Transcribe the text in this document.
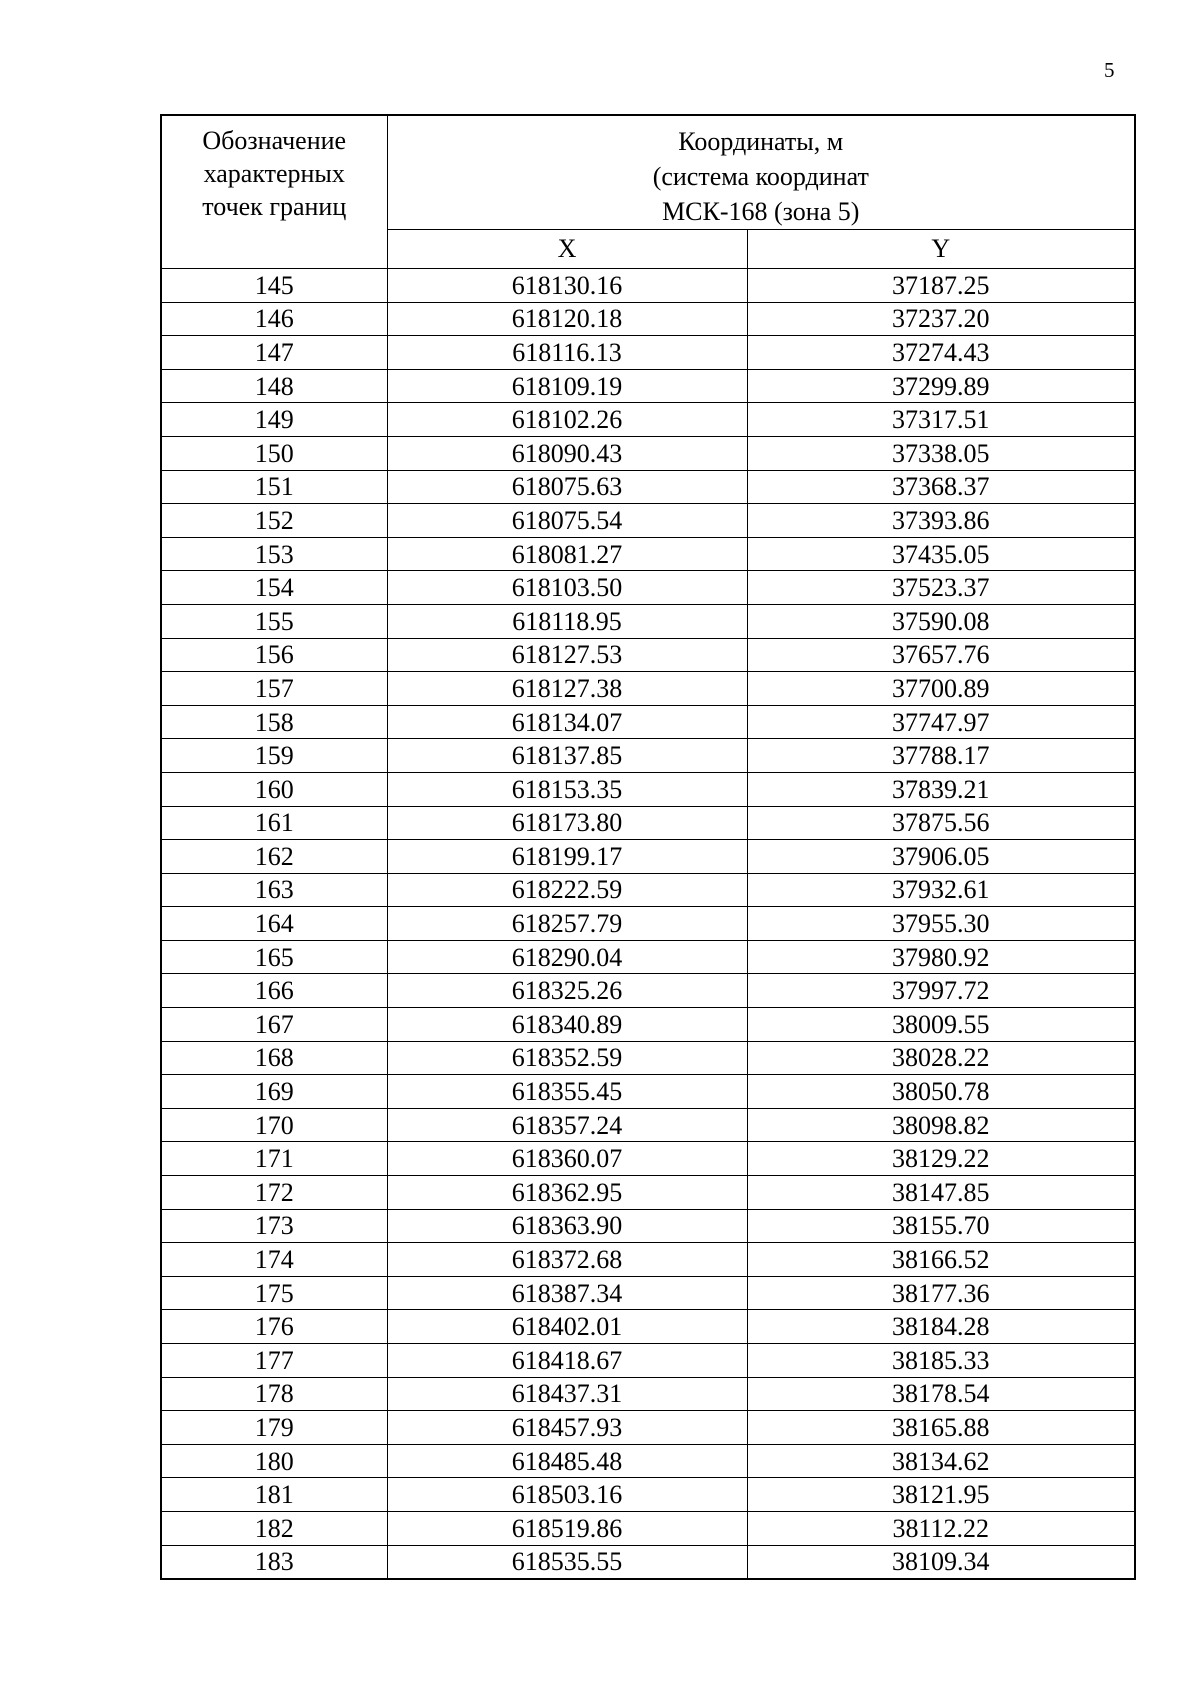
5
Обозначение
характерных
точек границ	Координаты, м
(система координат
МСК-168 (зона 5)	

	X	Y
145	618130.16	37187.25
146	618120.18	37237.20
147	618116.13	37274.43
148	618109.19	37299.89
149	618102.26	37317.51
150	618090.43	37338.05
151	618075.63	37368.37
152	618075.54	37393.86
153	618081.27	37435.05
154	618103.50	37523.37
155	618118.95	37590.08
156	618127.53	37657.76
157	618127.38	37700.89
158	618134.07	37747.97
159	618137.85	37788.17
160	618153.35	37839.21
161	618173.80	37875.56
162	618199.17	37906.05
163	618222.59	37932.61
164	618257.79	37955.30
165	618290.04	37980.92
166	618325.26	37997.72
167	618340.89	38009.55
168	618352.59	38028.22
169	618355.45	38050.78
170	618357.24	38098.82
171	618360.07	38129.22
172	618362.95	38147.85
173	618363.90	38155.70
174	618372.68	38166.52
175	618387.34	38177.36
176	618402.01	38184.28
177	618418.67	38185.33
178	618437.31	38178.54
179	618457.93	38165.88
180	618485.48	38134.62
181	618503.16	38121.95
182	618519.86	38112.22
183	618535.55	38109.34
